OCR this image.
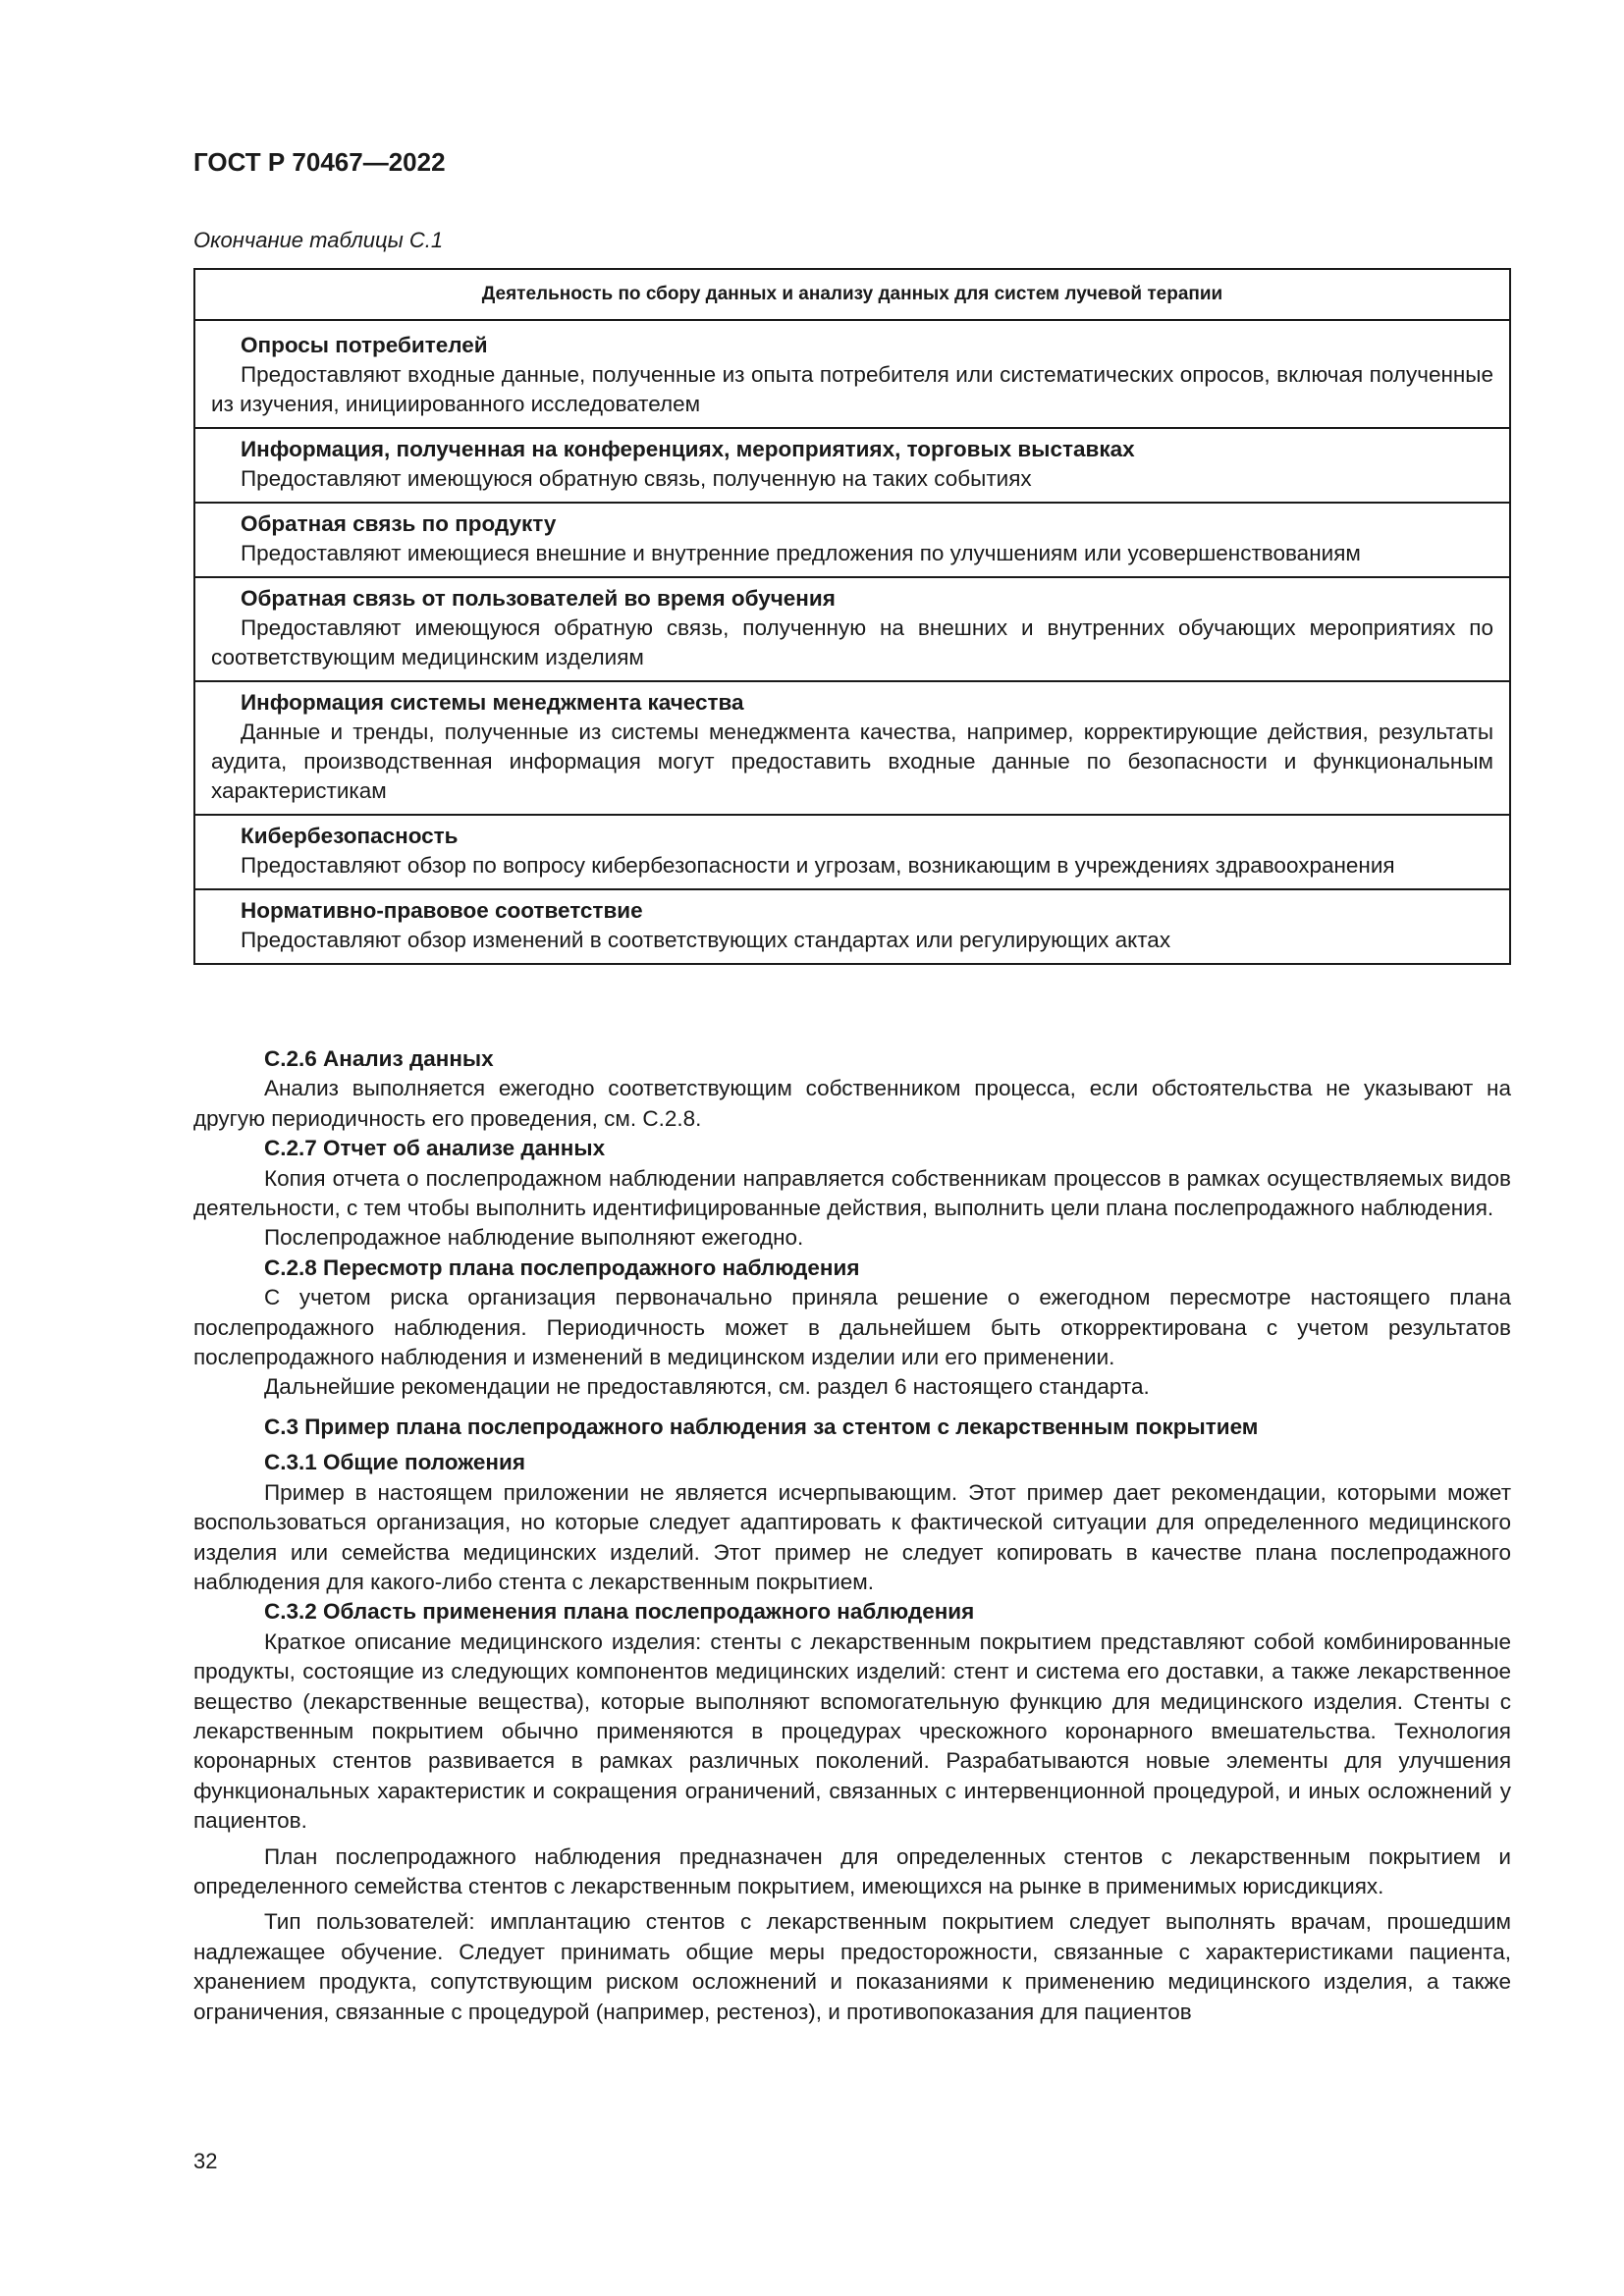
ГОСТ Р 70467—2022
Окончание таблицы С.1
Деятельность по сбору данных и анализу данных для систем лучевой терапии

Опросы потребителей
Предоставляют входные данные, полученные из опыта потребителя или систематических опросов, включая полученные из изучения, инициированного исследователем

Информация, полученная на конференциях, мероприятиях, торговых выставках
Предоставляют имеющуюся обратную связь, полученную на таких событиях

Обратная связь по продукту
Предоставляют имеющиеся внешние и внутренние предложения по улучшениям или усовершенствованиям

Обратная связь от пользователей во время обучения
Предоставляют имеющуюся обратную связь, полученную на внешних и внутренних обучающих мероприятиях по соответствующим медицинским изделиям

Информация системы менеджмента качества
Данные и тренды, полученные из системы менеджмента качества, например, корректирующие действия, результаты аудита, производственная информация могут предоставить входные данные по безопасности и функциональным характеристикам

Кибербезопасность
Предоставляют обзор по вопросу кибербезопасности и угрозам, возникающим в учреждениях здравоохранения

Нормативно-правовое соответствие
Предоставляют обзор изменений в соответствующих стандартах или регулирующих актах
С.2.6 Анализ данных

Анализ выполняется ежегодно соответствующим собственником процесса, если обстоятельства не указывают на другую периодичность его проведения, см. С.2.8.

С.2.7 Отчет об анализе данных

Копия отчета о послепродажном наблюдении направляется собственникам процессов в рамках осуществляемых видов деятельности, с тем чтобы выполнить идентифицированные действия, выполнить цели плана послепродажного наблюдения.

Послепродажное наблюдение выполняют ежегодно.

С.2.8 Пересмотр плана послепродажного наблюдения

С учетом риска организация первоначально приняла решение о ежегодном пересмотре настоящего плана послепродажного наблюдения. Периодичность может в дальнейшем быть откорректирована с учетом результатов послепродажного наблюдения и изменений в медицинском изделии или его применении.

Дальнейшие рекомендации не предоставляются, см. раздел 6 настоящего стандарта.

С.3 Пример плана послепродажного наблюдения за стентом с лекарственным покрытием
С.3.1 Общие положения

Пример в настоящем приложении не является исчерпывающим. Этот пример дает рекомендации, которыми может воспользоваться организация, но которые следует адаптировать к фактической ситуации для определенного медицинского изделия или семейства медицинских изделий. Этот пример не следует копировать в качестве плана послепродажного наблюдения для какого-либо стента с лекарственным покрытием.

С.3.2 Область применения плана послепродажного наблюдения

Краткое описание медицинского изделия: стенты с лекарственным покрытием представляют собой комбинированные продукты, состоящие из следующих компонентов медицинских изделий: стент и система его доставки, а также лекарственное вещество (лекарственные вещества), которые выполняют вспомогательную функцию для медицинского изделия. Стенты с лекарственным покрытием обычно применяются в процедурах чрескожного коронарного вмешательства. Технология коронарных стентов развивается в рамках различных поколений. Разрабатываются новые элементы для улучшения функциональных характеристик и сокращения ограничений, связанных с интервенционной процедурой, и иных осложнений у пациентов.

План послепродажного наблюдения предназначен для определенных стентов с лекарственным покрытием и определенного семейства стентов с лекарственным покрытием, имеющихся на рынке в применимых юрисдикциях.

Тип пользователей: имплантацию стентов с лекарственным покрытием следует выполнять врачам, прошедшим надлежащее обучение. Следует принимать общие меры предосторожности, связанные с характеристиками пациента, хранением продукта, сопутствующим риском осложнений и показаниями к применению медицинского изделия, а также ограничения, связанные с процедурой (например, рестеноз), и противопоказания для пациентов

32
